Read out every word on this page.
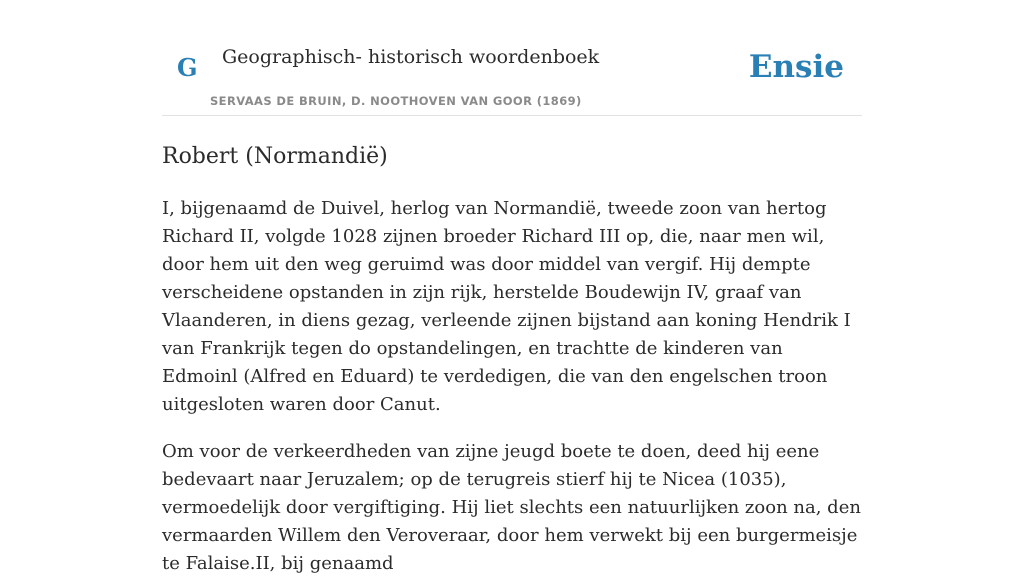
G Geographisch- historisch woordenboek
SERVAAS DE BRUIN, D. NOOTHOVEN VAN GOOR (1869)
Ensie
Robert (Normandië)

I, bijgenaamd de Duivel, herlog van Normandië, tweede zoon van hertog Richard II, volgde 1028 zijnen broeder Richard III op, die, naar men wil, door hem uit den weg geruimd was door middel van vergif. Hij dempte verscheidene opstanden in zijn rijk, herstelde Boudewijn IV, graaf van Vlaanderen, in diens gezag, verleende zijnen bijstand aan koning Hendrik I van Frankrijk tegen do opstandelingen, en trachtte de kinderen van Edmoinl (Alfred en Eduard) te verdedigen, die van den engelschen troon uitgesloten waren door Canut.

Om voor de verkeerdheden van zijne jeugd boete te doen, deed hij eene bedevaart naar Jeruzalem; op de terugreis stierf hij te Nicea (1035), vermoedelijk door vergiftiging. Hij liet slechts een natuurlijken zoon na, den vermaarden Willem den Veroveraar, door hem verwekt bij een burgermeisje te Falaise.II, bij genaamd
